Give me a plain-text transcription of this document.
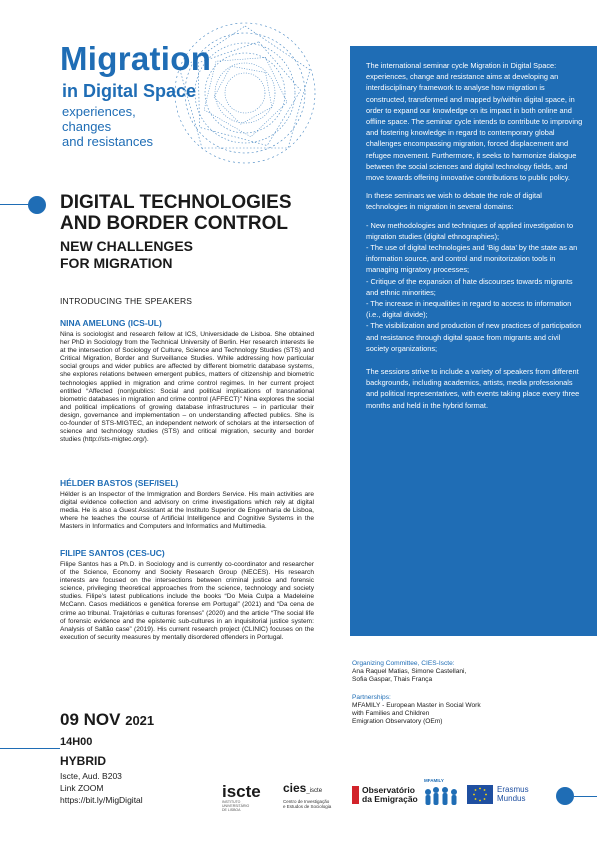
Migration
in Digital Space
experiences,
changes
and resistances
DIGITAL TECHNOLOGIES
AND BORDER CONTROL
NEW CHALLENGES
FOR MIGRATION
INTRODUCING THE SPEAKERS
NINA AMELUNG (ICS-UL)
Nina is sociologist and research fellow at ICS, Universidade de Lisboa. She obtained her PhD in Sociology from the Technical University of Berlin. Her research interests lie at the intersection of Sociology of Culture, Science and Technology Studies (STS) and Critical Migration, Border and Surveillance Studies. While addressing how particular social groups and wider publics are affected by different biometric database systems, she explores relations between emergent publics, matters of citizenship and biometric technologies applied in migration and crime control regimes. In her current project entitled “Affected (non)publics: Social and political implications of transnational biometric databases in migration and crime control (AFFECT)” Nina explores the social and political implications of growing database infrastructures – in particular their design, governance and implementation – on understanding affected publics. She is co-founder of STS-MIGTEC, an independent network of scholars at the intersection of science and technology studies (STS) and critical migration, security and border studies (http://sts-migtec.org/).
HÉLDER BASTOS (SEF/ISEL)
Hélder is an Inspector of the Immigration and Borders Service. His main activities are digital evidence collection and advisory on crime investigations which rely at digital media. He is also a Guest Assistant at the Instituto Superior de Engenharia de Lisboa, where he teaches the course of Artificial Intelligence and Cognitive Systems in the Masters in Informatics and Computers and Informatics and Multimedia.
FILIPE SANTOS (CES-UC)
Filipe Santos has a Ph.D. in Sociology and is currently co-coordinator and researcher of the Science, Economy and Society Research Group (NECES). His research interests are focused on the intersections between criminal justice and forensic science, privileging theoretical approaches from the science, technology and society studies. Filipe’s latest publications include the books “Do Meia Culpa a Madeleine McCann. Casos mediáticos e genética forense em Portugal” (2021) and “Da cena de crime ao tribunal. Trajetórias e culturas forenses” (2020) and the article “The social life of forensic evidence and the epistemic sub-cultures in an inquisitorial justice system: Analysis of Saltão case” (2019). His current research project (CLINIC) focuses on the execution of security measures by mentally disordered offenders in Portugal.

The international seminar cycle Migration in Digital Space: experiences, change and resistance aims at developing an interdisciplinary framework to analyse how migration is constructed, transformed and mapped by/within digital space, in order to expand our knowledge on its impact in both online and offline space. The seminar cycle intends to contribute to improving and fostering knowledge in regard to contemporary global challenges encompassing migration, forced displacement and refugee movement. Furthermore, it seeks to harmonize dialogue between the social sciences and digital technology fields, and move towards offering innovative contributions to public policy.

In these seminars we wish to debate the role of digital technologies in migration in several domains:

- New methodologies and techniques of applied investigation to migration studies (digital ethnographies);
- The use of digital technologies and ‘Big data’ by the state as an information source, and control and monitorization tools in managing migratory processes;
- Critique of the expansion of hate discourses towards migrants and ethnic minorities;
- The increase in inequalities in regard to access to information (i.e., digital divide);
- The visibilization and production of new practices of participation and resistance through digital space from migrants and civil society organizations;

The sessions strive to include a variety of speakers from different backgrounds, including academics, artists, media professionals and political representatives, with events taking place every three months and held in the hybrid format.

Organizing Committee, CIES-Iscte:
Ana Raquel Matias, Simone Castellani,
Sofia Gaspar, Thais França
Partnerships:
MFAMILY - European Master in Social Work
with Families and Children
Emigration Observatory (OEm)
09 NOV 2021
14H00
HYBRID
Iscte, Aud. B203
Link ZOOM
https://bit.ly/MigDigital	iscte
INSTITUTO
UNIVERSITÁRIO
DE LISBOA
cies_iscte
Centro de Investigação
e Estudos de Sociologia
Observatório
da Emigração
MFAMILY
Erasmus
Mundus
